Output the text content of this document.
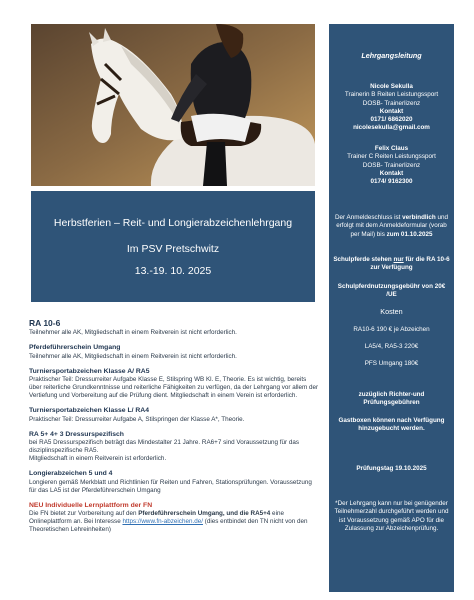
Herbstferien – Reit- und Longierabzeichenlehrgang
Im PSV Pretschwitz
13.-19. 10. 2025
Lehrgangsleitung
Nicole Sekulla
Trainerin B Reiten Leistungssport
DOSB- Trainerlizenz
Kontakt
0171/ 6862020
nicolesekulla@gmail.com
Felix Claus
Trainer C Reiten Leistungssport
DOSB- Trainerlizenz
Kontakt
0174/ 9162300
Der Anmeldeschluss ist verbindlich und erfolgt mit dem Anmeldeformular (vorab per Mail) bis zum 01.10.2025
Schulpferde stehen nur für die RA 10-6 zur Verfügung
Schulpferdnutzungsgebühr von 20€ /UE
Kosten
RA10-6 190 € je Abzeichen
LA5/4, RA5-3 220€
PFS Umgang 180€
zuzüglich Richter-und Prüfungsgebühren
Gastboxen können nach Verfügung hinzugebucht werden.
Prüfungstag 19.10.2025
*Der Lehrgang kann nur bei genügender Teilnehmerzahl durchgeführt werden und ist Voraussetzung gemäß APO für die Zulassung zur Abzeichenprüfung.
RA 10-6

Teilnehmer alle AK, Mitgliedschaft in einem Reitverein ist nicht erforderlich.

Pferdeführerschein Umgang

Teilnehmer alle AK, Mitgliedschaft in einem Reitverein ist nicht erforderlich.

Turniersportabzeichen Klasse A/ RA5

Praktischer Teil: Dressurreiter Aufgabe Klasse E, Stilspring WB Kl. E, Theorie. Es ist wichtig, bereits über reiterliche Grundkenntnisse und reiterliche Fähigkeiten zu verfügen, da der Lehrgang vor allem der Vertiefung und Vorbereitung auf die Prüfung dient. Mitgliedschaft in einem Verein ist erforderlich.

Turniersportabzeichen Klasse L/ RA4

Praktischer Teil: Dressurreiter Aufgabe A, Stilspringen der Klasse A*, Theorie.

RA 5+ 4+ 3 Dressurspezifisch

bei RA5 Dressurspezifisch beträgt das Mindestalter 21 Jahre. RA6+7 sind Voraussetzung für das disziplinspezifische RA5.

Mitgliedschaft in einem Reitverein ist erforderlich.

Longierabzeichen 5 und 4

Longieren gemäß Merkblatt und Richtlinien für Reiten und Fahren, Stationsprüfungen. Voraussetzung für das LA5 ist der Pferdeführerschein Umgang

NEU Individuelle Lernplattform der FN

Die FN bietet zur Vorbereitung auf den Pferdeführerschein Umgang, und die RA5+4 eine Onlineplattform an. Bei Interesse https://www.fn-abzeichen.de/ (dies entbindet den TN nicht von den Theoretischen Lehreinheiten)
